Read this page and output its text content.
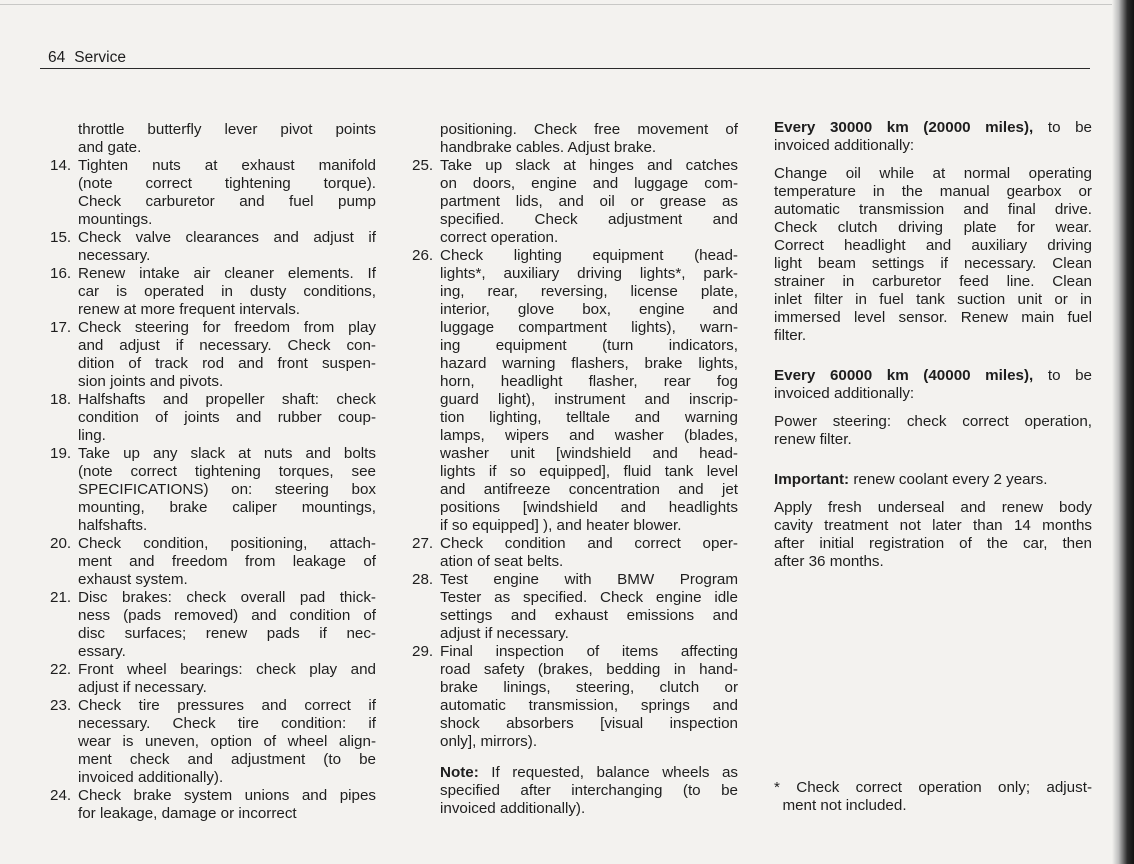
64 Service
throttle butterfly lever pivot points
and gate.
14. Tighten nuts at exhaust manifold
(note correct tightening torque).
Check carburetor and fuel pump
mountings.
15. Check valve clearances and adjust if
necessary.
16. Renew intake air cleaner elements. If
car is operated in dusty conditions,
renew at more frequent intervals.
17. Check steering for freedom from play
and adjust if necessary. Check con-
dition of track rod and front suspen-
sion joints and pivots.
18. Halfshafts and propeller shaft: check
condition of joints and rubber coup-
ling.
19. Take up any slack at nuts and bolts
(note correct tightening torques, see
SPECIFICATIONS) on: steering box
mounting, brake caliper mountings,
halfshafts.
20. Check condition, positioning, attach-
ment and freedom from leakage of
exhaust system.
21. Disc brakes: check overall pad thick-
ness (pads removed) and condition of
disc surfaces; renew pads if nec-
essary.
22. Front wheel bearings: check play and
adjust if necessary.
23. Check tire pressures and correct if
necessary. Check tire condition: if
wear is uneven, option of wheel align-
ment check and adjustment (to be
invoiced additionally).
24. Check brake system unions and pipes
for leakage, damage or incorrect
positioning. Check free movement of
handbrake cables. Adjust brake.
25. Take up slack at hinges and catches
on doors, engine and luggage com-
partment lids, and oil or grease as
specified. Check adjustment and
correct operation.
26. Check lighting equipment (head-
lights*, auxiliary driving lights*, park-
ing, rear, reversing, license plate,
interior, glove box, engine and
luggage compartment lights), warn-
ing equipment (turn indicators,
hazard warning flashers, brake lights,
horn, headlight flasher, rear fog
guard light), instrument and inscrip-
tion lighting, telltale and warning
lamps, wipers and washer (blades,
washer unit [windshield and head-
lights if so equipped], fluid tank level
and antifreeze concentration and jet
positions [windshield and headlights
if so equipped] ), and heater blower.
27. Check condition and correct oper-
ation of seat belts.
28. Test engine with BMW Program
Tester as specified. Check engine idle
settings and exhaust emissions and
adjust if necessary.
29. Final inspection of items affecting
road safety (brakes, bedding in hand-
brake linings, steering, clutch or
automatic transmission, springs and
shock absorbers [visual inspection
only], mirrors).
Note: If requested, balance wheels as
specified after interchanging (to be
invoiced additionally).
Every 30000 km (20000 miles), to be
invoiced additionally:
Change oil while at normal operating
temperature in the manual gearbox or
automatic transmission and final drive.
Check clutch driving plate for wear.
Correct headlight and auxiliary driving
light beam settings if necessary. Clean
strainer in carburetor feed line. Clean
inlet filter in fuel tank suction unit or in
immersed level sensor. Renew main fuel
filter.
Every 60000 km (40000 miles), to be
invoiced additionally:
Power steering: check correct operation,
renew filter.
Important: renew coolant every 2 years.
Apply fresh underseal and renew body
cavity treatment not later than 14 months
after initial registration of the car, then
after 36 months.
* Check correct operation only; adjust-
ment not included.
